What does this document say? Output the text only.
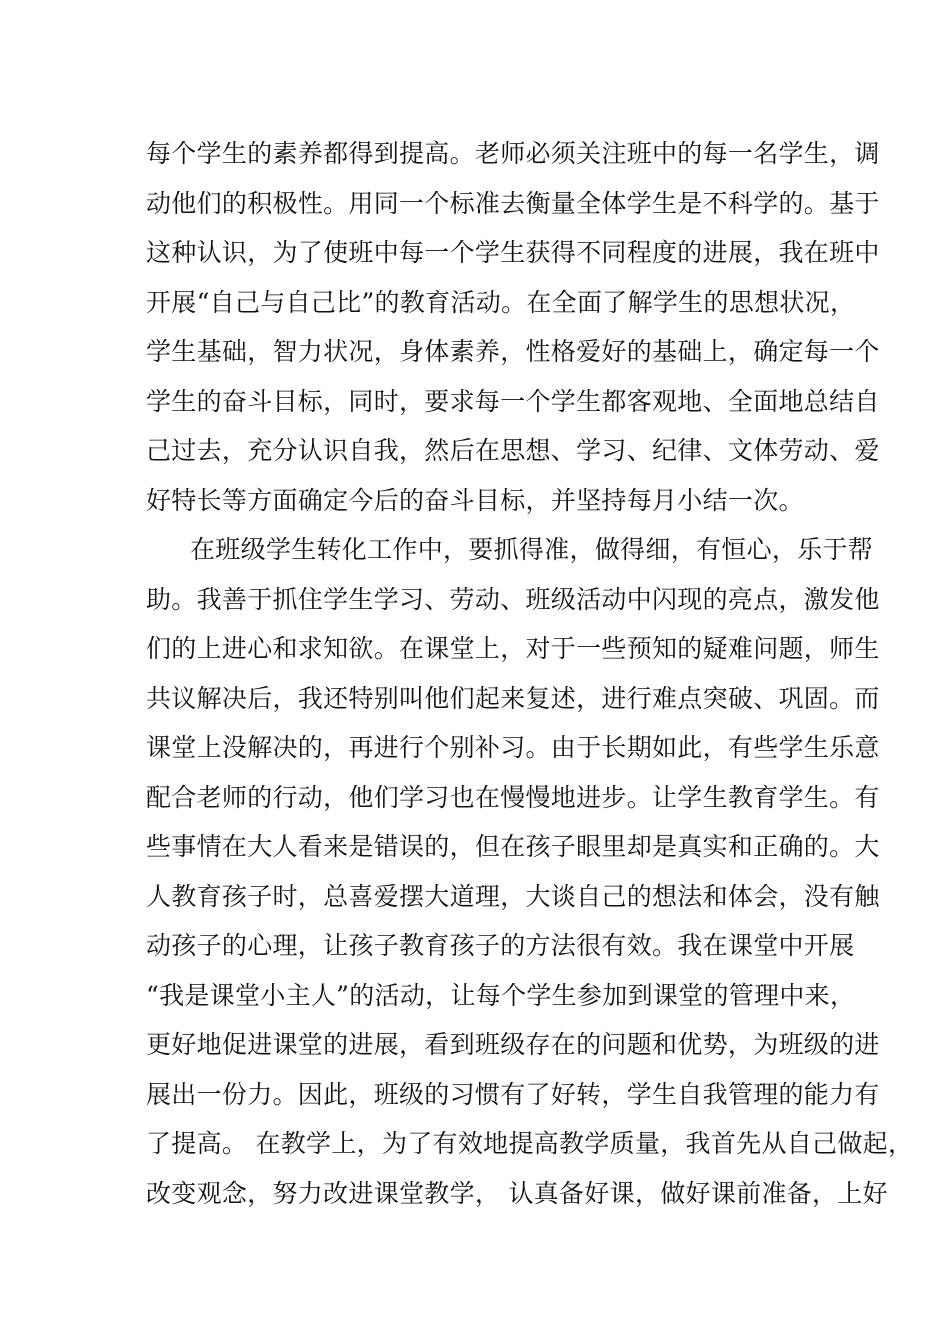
每个学生的素养都得到提高。老师必须关注班中的每一名学生，调
动他们的积极性。用同一个标准去衡量全体学生是不科学的。基于
这种认识，为了使班中每一个学生获得不同程度的进展，我在班中
开展“自己与自己比”的教育活动。在全面了解学生的思想状况，
学生基础，智力状况，身体素养，性格爱好的基础上，确定每一个
学生的奋斗目标，同时，要求每一个学生都客观地、全面地总结自
己过去，充分认识自我，然后在思想、学习、纪律、文体劳动、爱
好特长等方面确定今后的奋斗目标，并坚持每月小结一次。
在班级学生转化工作中，要抓得准，做得细，有恒心，乐于帮
助。我善于抓住学生学习、劳动、班级活动中闪现的亮点，激发他
们的上进心和求知欲。在课堂上，对于一些预知的疑难问题，师生
共议解决后，我还特别叫他们起来复述，进行难点突破、巩固。而
课堂上没解决的，再进行个别补习。由于长期如此，有些学生乐意
配合老师的行动，他们学习也在慢慢地进步。让学生教育学生。有
些事情在大人看来是错误的，但在孩子眼里却是真实和正确的。大
人教育孩子时，总喜爱摆大道理，大谈自己的想法和体会，没有触
动孩子的心理，让孩子教育孩子的方法很有效。我在课堂中开展
“我是课堂小主人”的活动，让每个学生参加到课堂的管理中来，
更好地促进课堂的进展，看到班级存在的问题和优势，为班级的进
展出一份力。因此，班级的习惯有了好转，学生自我管理的能力有
了提高。 在教学上，为了有效地提高教学质量，我首先从自己做起，
改变观念，努力改进课堂教学， 认真备好课，做好课前准备，上好
